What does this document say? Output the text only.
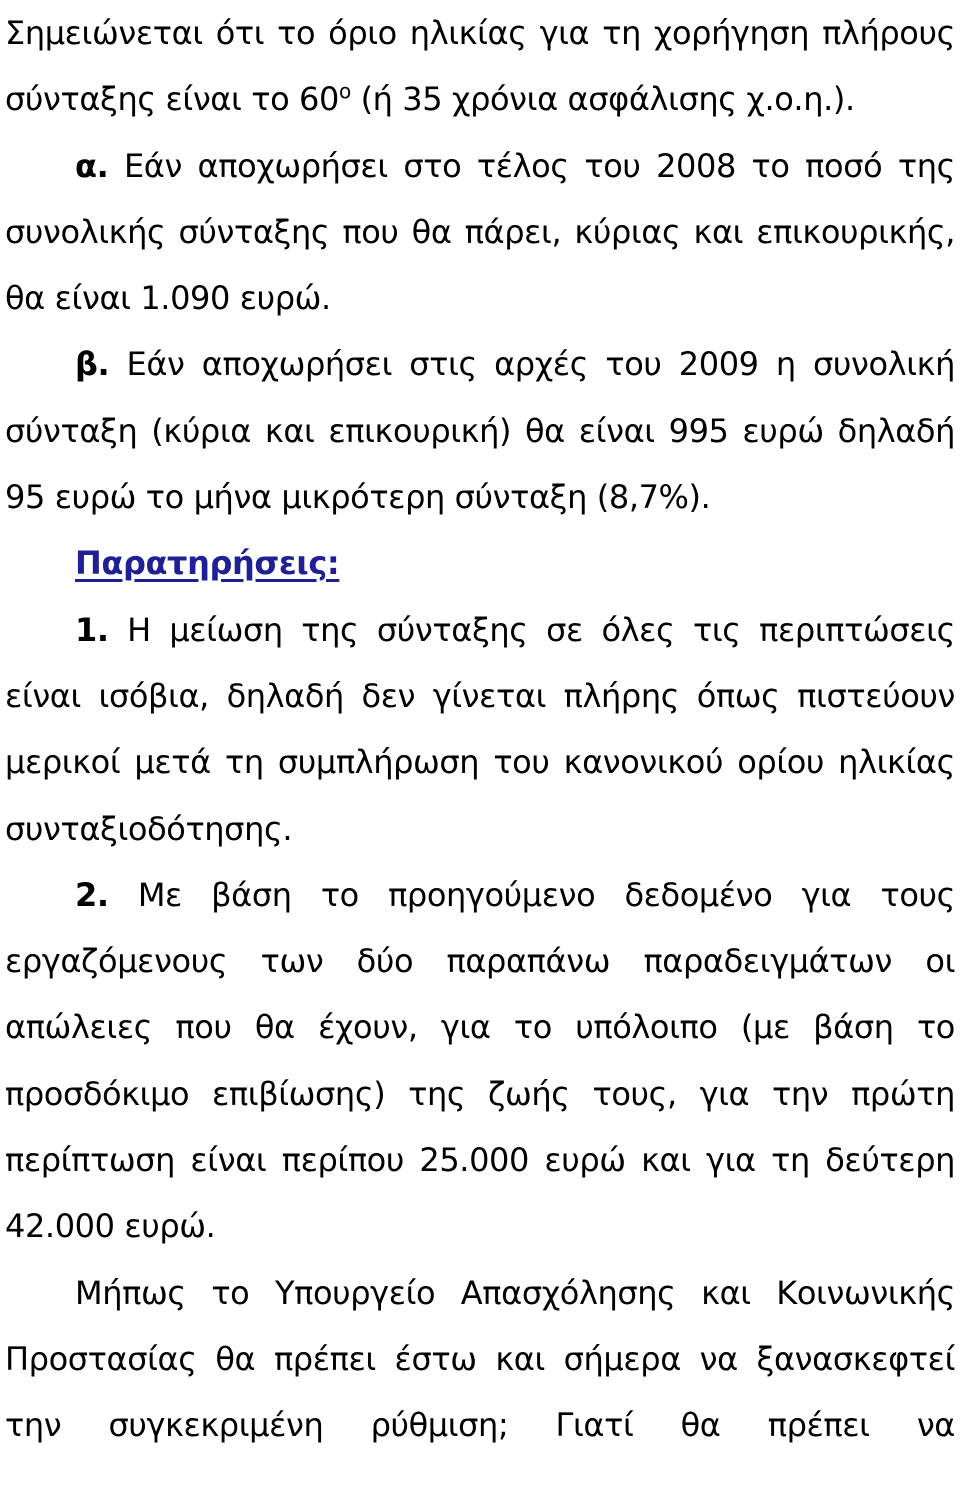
Σημειώνεται ότι το όριο ηλικίας για τη χορήγηση πλήρους σύνταξης είναι το $60^o$ (ή 35 χρόνια ασφάλισης χ.ο.η.).

α. Εάν αποχωρήσει στο τέλος του 2008 το ποσό της συνολικής σύνταξης που θα πάρει, κύριας και επικουρικής, θα είναι 1.090 ευρώ.

β. Εάν αποχωρήσει στις αρχές του 2009 η συνολική σύνταξη (κύρια και επικουρική) θα είναι 995 ευρώ δηλαδή 95 ευρώ το μήνα μικρότερη σύνταξη (8,7%).

Παρατηρήσεις:

1. Η μείωση της σύνταξης σε όλες τις περιπτώσεις είναι ισόβια, δηλαδή δεν γίνεται πλήρης όπως πιστεύουν μερικοί μετά τη συμπλήρωση του κανονικού ορίου ηλικίας συνταξιοδότησης.

2. Με βάση το προηγούμενο δεδομένο για τους εργαζόμενους των δύο παραπάνω παραδειγμάτων οι απώλειες που θα έχουν, για το υπόλοιπο (με βάση το προσδόκιμο επιβίωσης) της ζωής τους, για την πρώτη περίπτωση είναι περίπου 25.000 ευρώ και για τη δεύτερη 42.000 ευρώ.

Μήπως το Υπουργείο Απασχόλησης και Κοινωνικής Προστασίας θα πρέπει έστω και σήμερα να ξανασκεφτεί την συγκεκριμένη ρύθμιση; Γιατί θα πρέπει να
